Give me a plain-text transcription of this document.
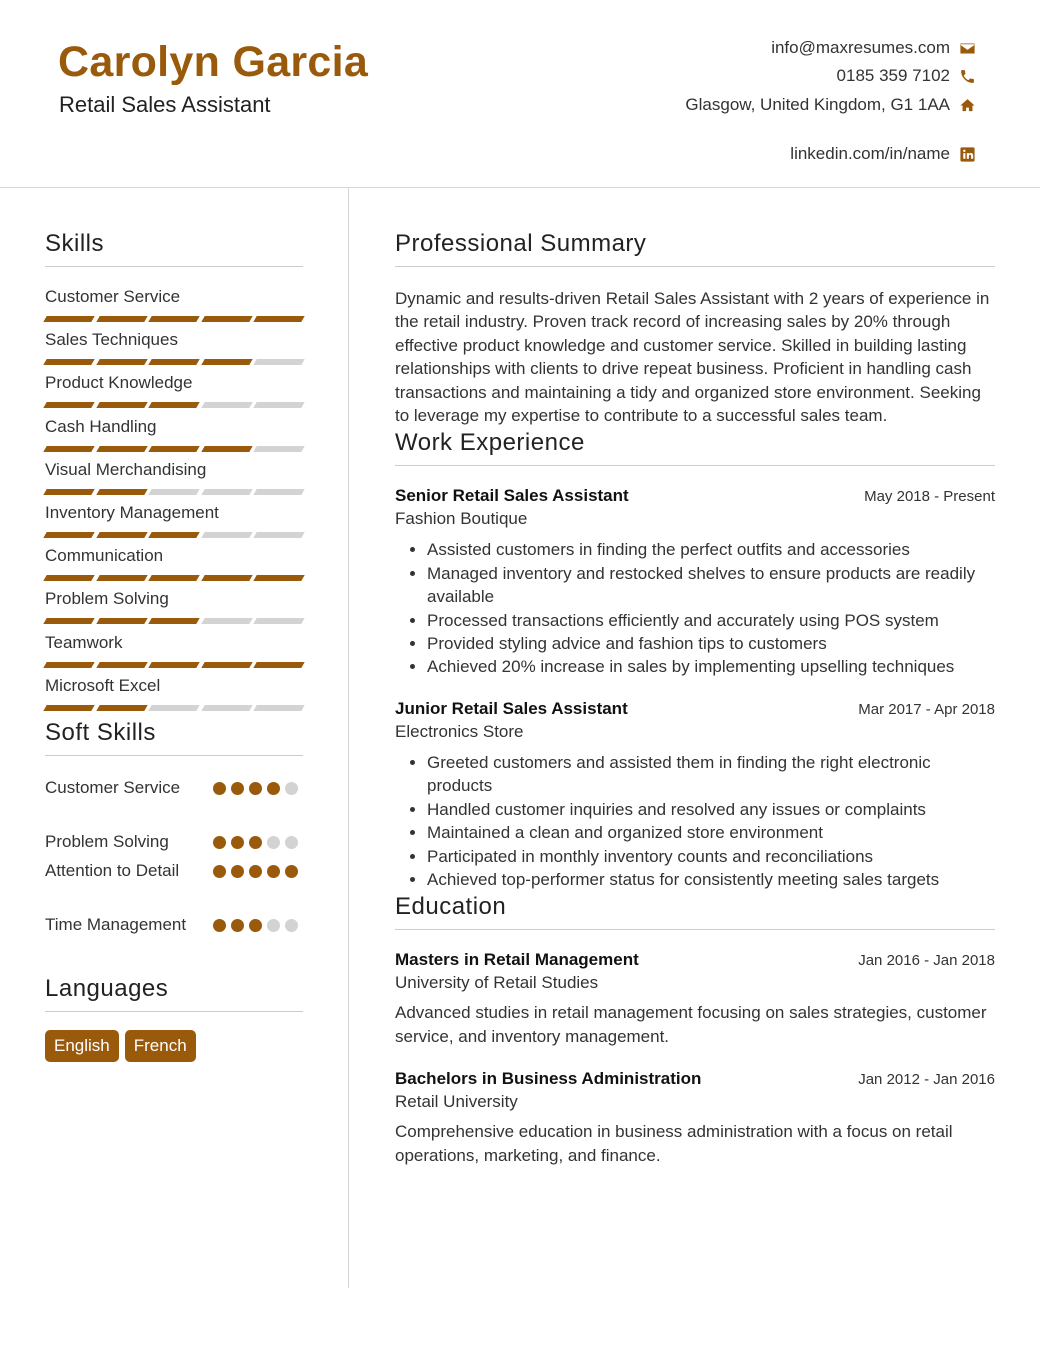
Carolyn Garcia
Retail Sales Assistant
info@maxresumes.com
0185 359 7102
Glasgow, United Kingdom, G1 1AA
linkedin.com/in/name
Skills
Customer Service
Sales Techniques
Product Knowledge
Cash Handling
Visual Merchandising
Inventory Management
Communication
Problem Solving
Teamwork
Microsoft Excel
Soft Skills
Customer Service
Problem Solving
Attention to Detail
Time Management
Languages
English	French
Professional Summary
Dynamic and results-driven Retail Sales Assistant with 2 years of experience in the retail industry. Proven track record of increasing sales by 20% through effective product knowledge and customer service. Skilled in building lasting relationships with clients to drive repeat business. Proficient in handling cash transactions and maintaining a tidy and organized store environment. Seeking to leverage my expertise to contribute to a successful sales team.
Work Experience
Senior Retail Sales Assistant	May 2018 - Present
Fashion Boutique
• Assisted customers in finding the perfect outfits and accessories
• Managed inventory and restocked shelves to ensure products are readily available
• Processed transactions efficiently and accurately using POS system
• Provided styling advice and fashion tips to customers
• Achieved 20% increase in sales by implementing upselling techniques
Junior Retail Sales Assistant	Mar 2017 - Apr 2018
Electronics Store
• Greeted customers and assisted them in finding the right electronic products
• Handled customer inquiries and resolved any issues or complaints
• Maintained a clean and organized store environment
• Participated in monthly inventory counts and reconciliations
• Achieved top-performer status for consistently meeting sales targets
Education
Masters in Retail Management	Jan 2016 - Jan 2018
University of Retail Studies
Advanced studies in retail management focusing on sales strategies, customer service, and inventory management.
Bachelors in Business Administration	Jan 2012 - Jan 2016
Retail University
Comprehensive education in business administration with a focus on retail operations, marketing, and finance.
